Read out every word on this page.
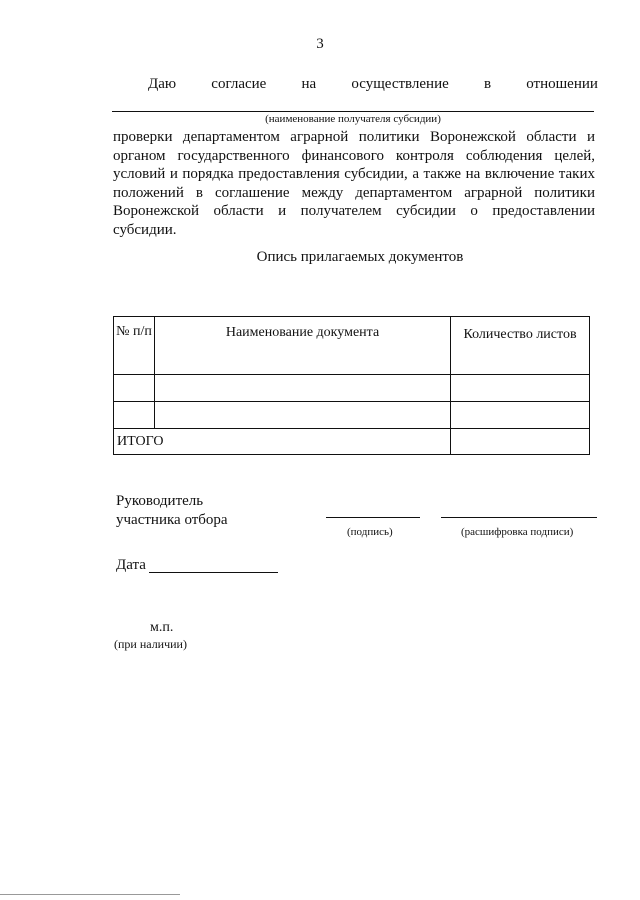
3
Даю согласие на осуществление в отношении
(наименование получателя субсидии)
проверки департаментом аграрной политики Воронежской области и органом государственного финансового контроля соблюдения целей, условий и порядка предоставления субсидии, а также на включение таких положений в соглашение между департаментом аграрной политики Воронежской области и получателем субсидии о предоставлении субсидии.
Опись прилагаемых документов
№ п/п	Наименование документа	Количество листов

ИТОГО		
Руководитель
участника отбора
(подпись)	(расшифровка подписи)
Дата
м.п.
(при наличии)
